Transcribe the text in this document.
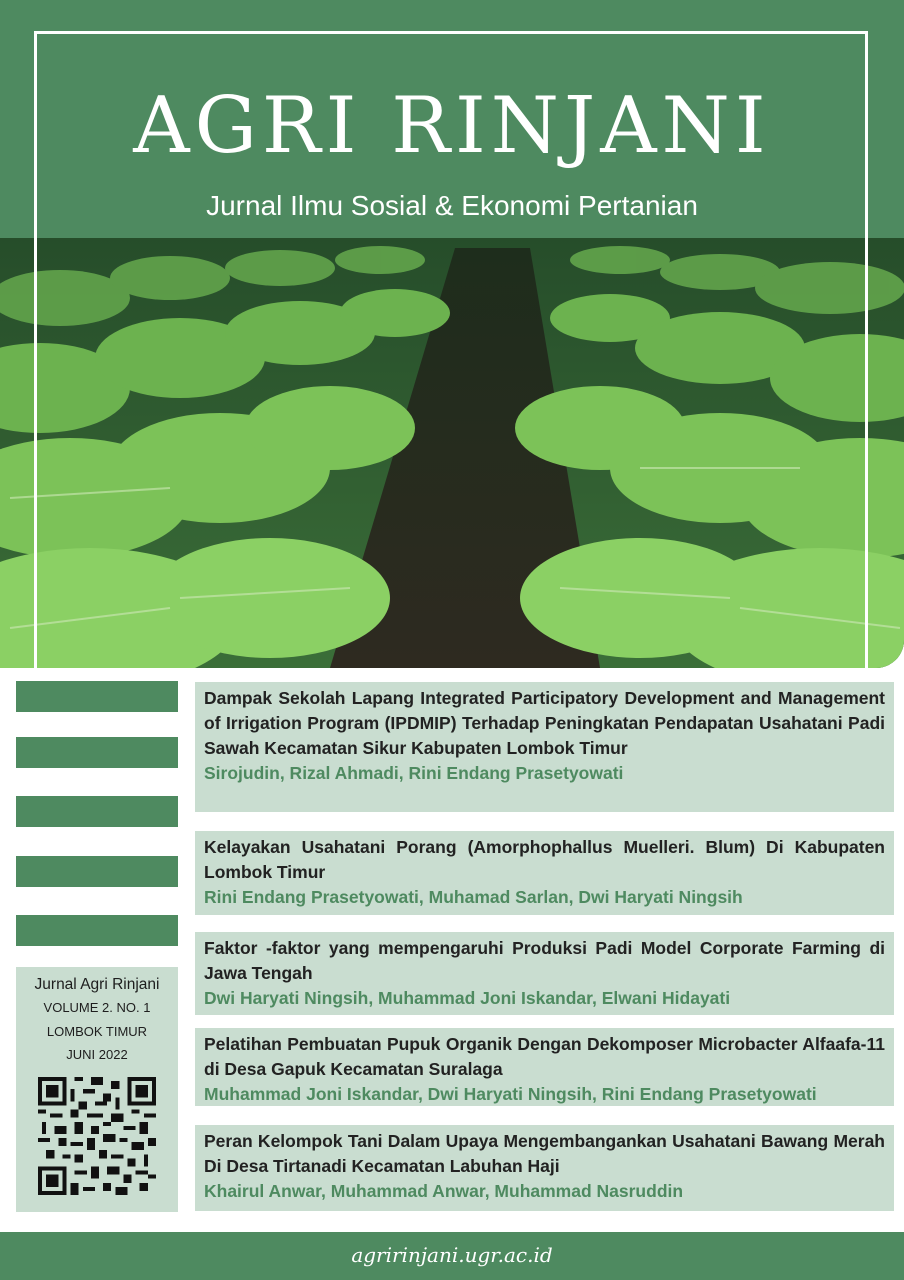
AGRI RINJANI
Jurnal Ilmu Sosial & Ekonomi Pertanian
Jurnal Agri Rinjani
VOLUME 2. NO. 1
LOMBOK TIMUR
JUNI 2022
Dampak Sekolah Lapang Integrated Participatory Development and Management of Irrigation Program (IPDMIP) Terhadap Peningkatan Pendapatan Usahatani Padi Sawah Kecamatan Sikur Kabupaten Lombok Timur
Sirojudin, Rizal Ahmadi, Rini Endang Prasetyowati
Kelayakan Usahatani Porang (Amorphophallus Muelleri. Blum) Di Kabupaten Lombok Timur
Rini Endang Prasetyowati, Muhamad Sarlan, Dwi Haryati Ningsih
Faktor -faktor yang mempengaruhi Produksi Padi Model Corporate Farming di Jawa Tengah
Dwi Haryati Ningsih, Muhammad Joni Iskandar, Elwani Hidayati
Pelatihan Pembuatan Pupuk Organik Dengan Dekomposer Microbacter Alfaafa-11 di Desa Gapuk Kecamatan Suralaga
Muhammad Joni Iskandar, Dwi Haryati Ningsih, Rini Endang Prasetyowati
Peran Kelompok Tani Dalam Upaya Mengembangankan Usahatani Bawang Merah Di Desa Tirtanadi Kecamatan Labuhan Haji
Khairul Anwar, Muhammad Anwar, Muhammad Nasruddin
agririnjani.ugr.ac.id
